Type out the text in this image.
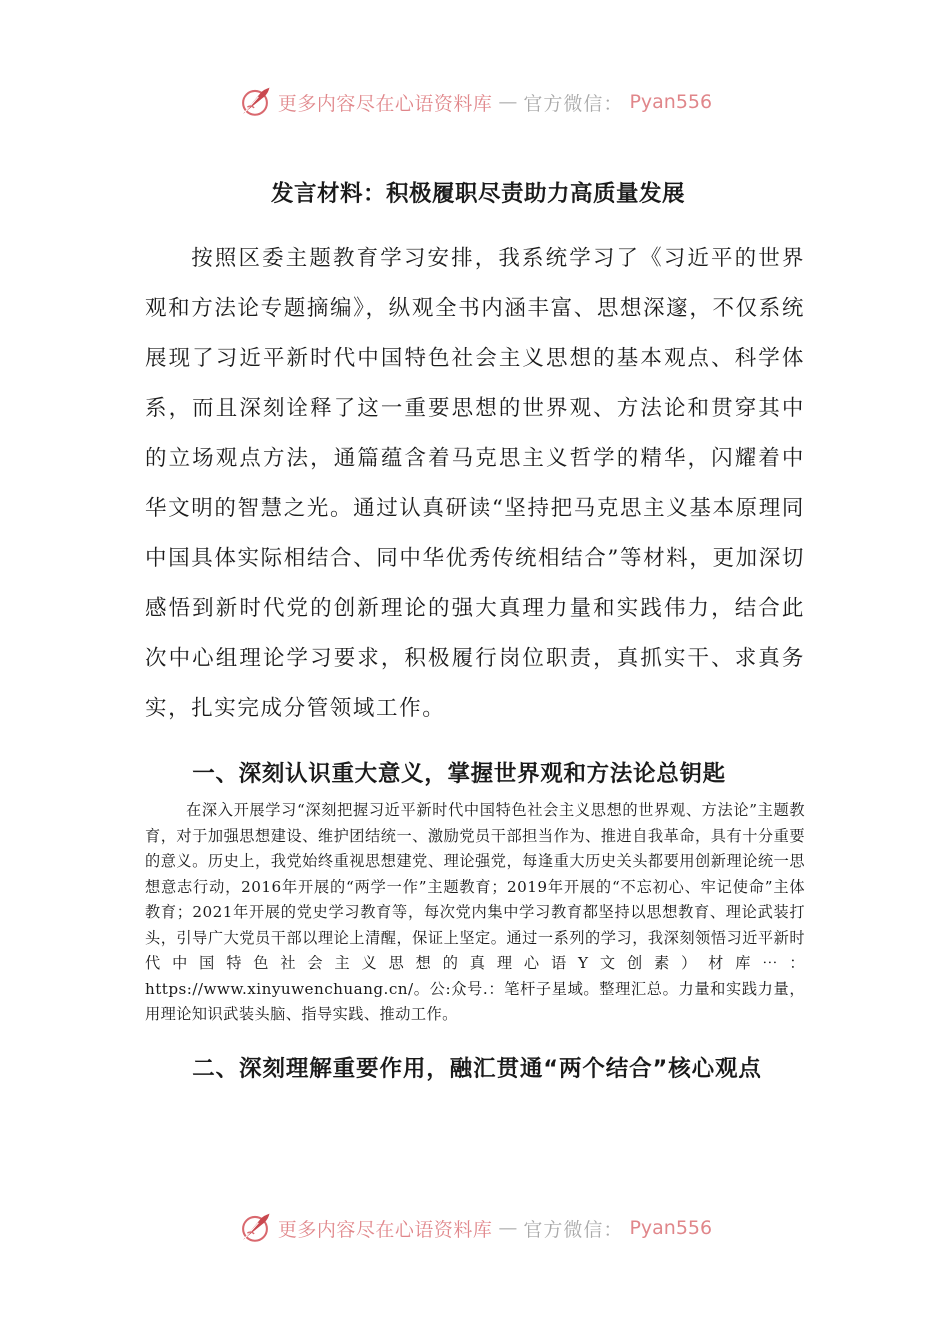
更多内容尽在心语资料库 — 官方微信： Pyan556
发言材料：积极履职尽责助力高质量发展

按照区委主题教育学习安排，我系统学习了《习近平的世界观和方法论专题摘编》，纵观全书内涵丰富、思想深邃，不仅系统展现了习近平新时代中国特色社会主义思想的基本观点、科学体系，而且深刻诠释了这一重要思想的世界观、方法论和贯穿其中的立场观点方法，通篇蕴含着马克思主义哲学的精华，闪耀着中华文明的智慧之光。通过认真研读“坚持把马克思主义基本原理同中国具体实际相结合、同中华优秀传统相结合”等材料，更加深切感悟到新时代党的创新理论的强大真理力量和实践伟力，结合此次中心组理论学习要求，积极履行岗位职责，真抓实干、求真务实，扎实完成分管领域工作。

一、深刻认识重大意义，掌握世界观和方法论总钥匙

在深入开展学习“深刻把握习近平新时代中国特色社会主义思想的世界观、方法论”主题教育，对于加强思想建设、维护团结统一、激励党员干部担当作为、推进自我革命，具有十分重要的意义。历史上，我党始终重视思想建党、理论强党，每逢重大历史关头都要用创新理论统一思想意志行动，2016年开展的“两学一作”主题教育；2019年开展的“不忘初心、牢记使命”主体教育；2021年开展的党史学习教育等，每次党内集中学习教育都坚持以思想教育、理论武装打头，引导广大党员干部以理论上清醒，保证上坚定。通过一系列的学习，我深刻领悟习近平新时代中国特色社会主义思想的真理心语Y文创素）材库⋯：https://www.xinyuwenchuang.cn/。公:众号.：笔杆子星域。整理汇总。力量和实践力量，用理论知识武装头脑、指导实践、推动工作。

二、深刻理解重要作用，融汇贯通“两个结合”核心观点
更多内容尽在心语资料库 — 官方微信： Pyan556
